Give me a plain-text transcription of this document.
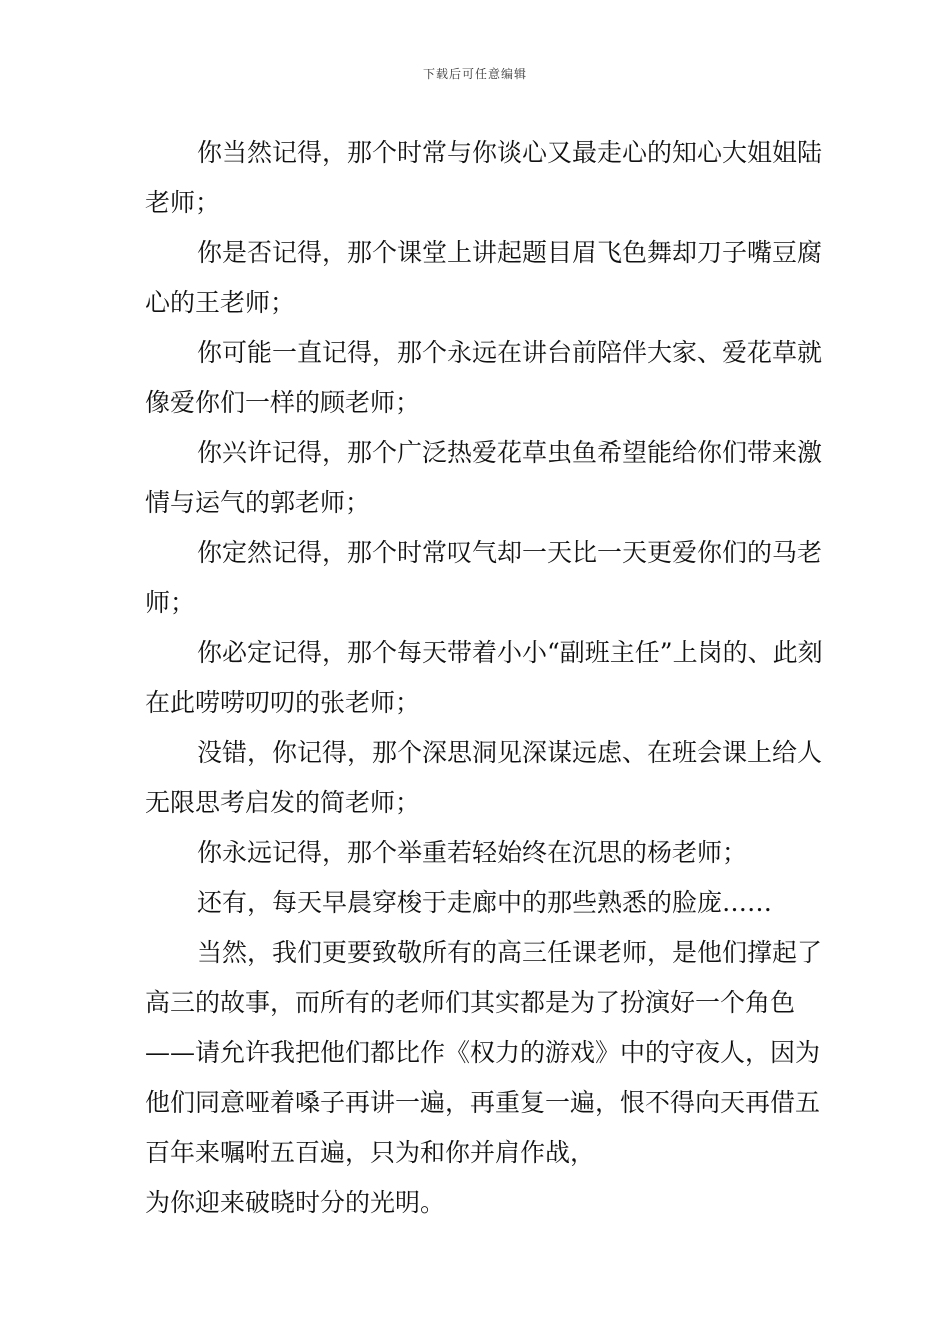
下载后可任意编辑

你当然记得，那个时常与你谈心又最走心的知心大姐姐陆老师；

你是否记得，那个课堂上讲起题目眉飞色舞却刀子嘴豆腐心的王老师；

你可能一直记得，那个永远在讲台前陪伴大家、爱花草就像爱你们一样的顾老师；

你兴许记得，那个广泛热爱花草虫鱼希望能给你们带来激情与运气的郭老师；

你定然记得，那个时常叹气却一天比一天更爱你们的马老师；

你必定记得，那个每天带着小小“副班主任”上岗的、此刻在此唠唠叨叨的张老师；

没错，你记得，那个深思洞见深谋远虑、在班会课上给人无限思考启发的简老师；

你永远记得，那个举重若轻始终在沉思的杨老师；

还有，每天早晨穿梭于走廊中的那些熟悉的脸庞……

当然，我们更要致敬所有的高三任课老师，是他们撑起了高三的故事，而所有的老师们其实都是为了扮演好一个角色——请允许我把他们都比作《权力的游戏》中的守夜人，因为他们同意哑着嗓子再讲一遍，再重复一遍，恨不得向天再借五百年来嘱咐五百遍，只为和你并肩作战，

为你迎来破晓时分的光明。
